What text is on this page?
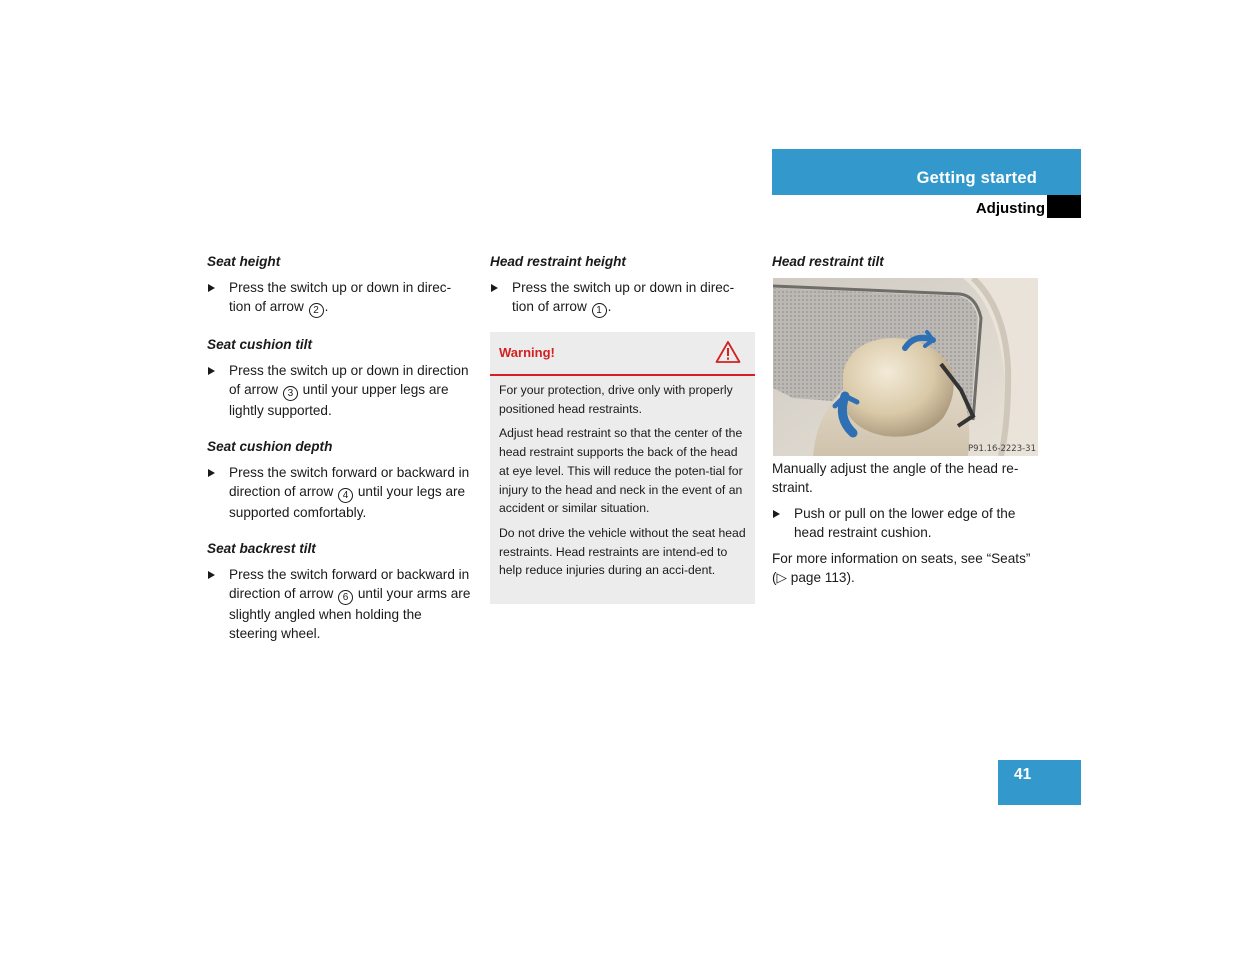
Getting started
Adjusting
Seat height
Press the switch up or down in direc-tion of arrow 2 .
Seat cushion tilt
Press the switch up or down in direction of arrow 3 until your upper legs are lightly supported.
Seat cushion depth
Press the switch forward or backward in direction of arrow 4 until your legs are supported comfortably.
Seat backrest tilt
Press the switch forward or backward in direction of arrow 6 until your arms are slightly angled when holding the steering wheel.
Head restraint height
Press the switch up or down in direc-tion of arrow 1 .
Warning!

For your protection, drive only with properly positioned head restraints.

Adjust head restraint so that the center of the head restraint supports the back of the head at eye level. This will reduce the poten-tial for injury to the head and neck in the event of an accident or similar situation.

Do not drive the vehicle without the seat head restraints. Head restraints are intend-ed to help reduce injuries during an acci-dent.

Head restraint tilt
P91.16-2223-31

Manually adjust the angle of the head re-straint.

Push or pull on the lower edge of the head restraint cushion.

For more information on seats, see “Seats” (▷ page 113).

41
